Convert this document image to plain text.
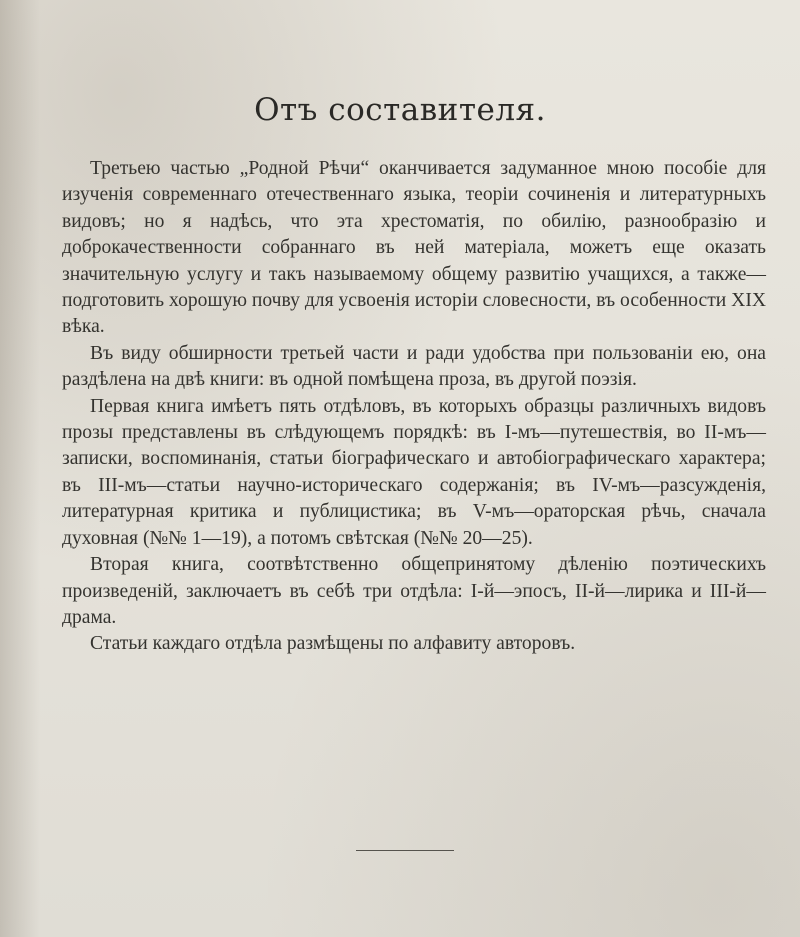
Отъ составителя.

Третьею частью „Родной Рѣчи“ оканчивается задуманное мною пособіе для изученія современнаго отечественнаго языка, теоріи сочиненія и литературныхъ видовъ; но я надѣсь, что эта хрестоматія, по обилію, разнообразію и доброкачественности собраннаго въ ней матеріала, можетъ еще оказать значительную услугу и такъ называемому общему развитію учащихся, а также—подготовить хорошую почву для усвоенія исторіи словесности, въ особенности XIX вѣка.

Въ виду обширности третьей части и ради удобства при пользованіи ею, она раздѣлена на двѣ книги: въ одной помѣщена проза, въ другой поэзія.

Первая книга имѣетъ пять отдѣловъ, въ которыхъ образцы различныхъ видовъ прозы представлены въ слѣдующемъ порядкѣ: въ I-мъ—путешествія, во II-мъ—записки, воспоминанія, статьи біографическаго и автобіографическаго характера; въ III-мъ—статьи научно-историческаго содержанія; въ IV-мъ—разсужденія, литературная критика и публицистика; въ V-мъ—ораторская рѣчь, сначала духовная (№№ 1—19), а потомъ свѣтская (№№ 20—25).

Вторая книга, соотвѣтственно общепринятому дѣленію поэтическихъ произведеній, заключаетъ въ себѣ три отдѣла: I-й—эпосъ, II-й—лирика и III-й—драма.

Статьи каждаго отдѣла размѣщены по алфавиту авторовъ.
